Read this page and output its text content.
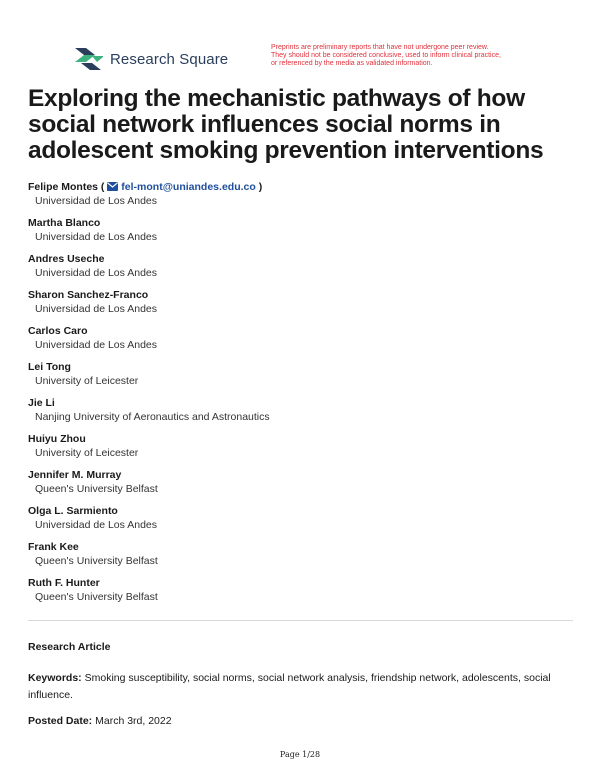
Research Square
Preprints are preliminary reports that have not undergone peer review.
They should not be considered conclusive, used to inform clinical practice,
or referenced by the media as validated information.
Exploring the mechanistic pathways of how social network influences social norms in adolescent smoking prevention interventions
Felipe Montes (  fel-mont@uniandes.edu.co )
Universidad de Los Andes
Martha Blanco
Universidad de Los Andes
Andres Useche
Universidad de Los Andes
Sharon Sanchez-Franco
Universidad de Los Andes
Carlos Caro
Universidad de Los Andes
Lei Tong
University of Leicester
Jie Li
Nanjing University of Aeronautics and Astronautics
Huiyu Zhou
University of Leicester
Jennifer M. Murray
Queen's University Belfast
Olga L. Sarmiento
Universidad de Los Andes
Frank Kee
Queen's University Belfast
Ruth F. Hunter
Queen's University Belfast
Research Article
Keywords: Smoking susceptibility, social norms, social network analysis, friendship network, adolescents, social influence.
Posted Date: March 3rd, 2022
Page 1/28
